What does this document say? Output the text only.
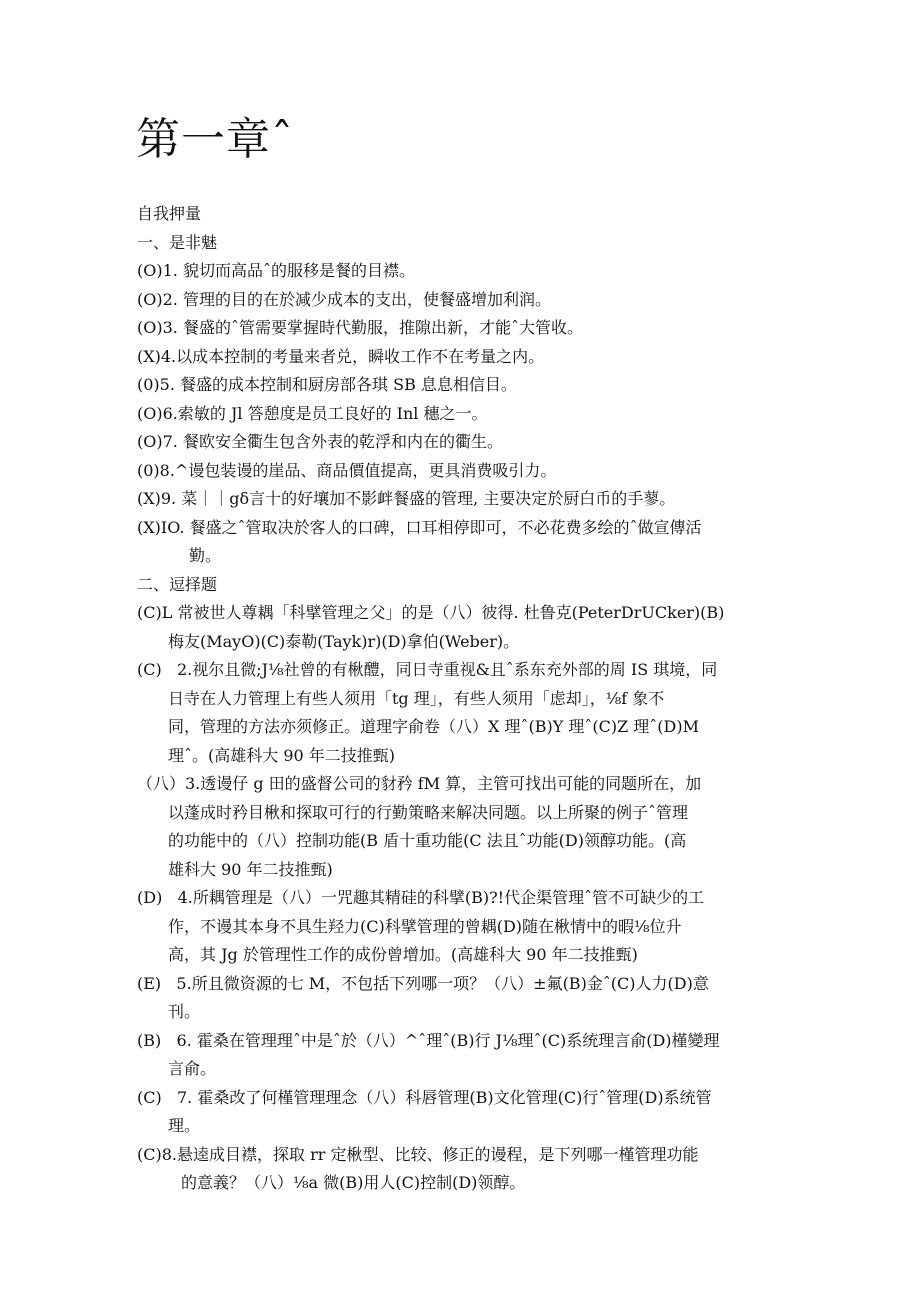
第一章ˆ
自我押量
一、是非魅
(O)1. 貌切而高品ˆ的服移是餐的目襟。
(O)2. 管理的目的在於减少成本的支出，使餐盛增加利润。
(O)3. 餐盛的ˆ管需要掌握時代勤服，推隙出新，才能ˆ大管收。
(X)4.以成本控制的考量来者兑，瞬收工作不在考量之内。
(0)5. 餐盛的成本控制和厨房部各琪 SB 息息相信目。
(O)6.索敏的 Jl 答憩度是员工良好的 Inl 穗之一。
(O)7. 餐欧安全衢生包含外表的乾浮和内在的衢生。
(0)8.^谩包装谩的崖品、商品價值提高，更具消费吸引力。
(X)9. 菜｜｜gδ言十的好壤加不影衅餐盛的管理, 主要决定於厨白币的手蓼。
(X)IO. 餐盛之ˆ管取决於客人的口碑，口耳相停即可，不必花费多绘的ˆ做宣傳活
勤。
二、逗择题
(C)L 常被世人尊耦「科擘管理之父」的是（八）彼得. 杜鲁克(PeterDrUCker)(B)
梅友(MayO)(C)泰勒(Tayk)r)(D)拿伯(Weber)。
(C)   2.视尔且微;J⅛社曾的有楸醴，同日寺重视&且ˆ系东充外部的周 IS 琪境，同
日寺在人力管理上有些人须用「tg 理」，有些人须用「虑却」，⅛f 象不
同，管理的方法亦须修正。道理字俞卷（八）X 理ˆ(B)Y 理ˆ(C)Z 理ˆ(D)M
理ˆ。(高雄科大 90 年二技推甄)
（八）3.透谩仔 g 田的盛督公司的豺矜 fM 算，主管可找出可能的同题所在，加
以蓬成时矜目楸和探取可行的行勤策略来解决同题。以上所聚的例子ˆ管理
的功能中的（八）控制功能(B 盾十重功能(C 法且ˆ功能(D)领醇功能。(高
雄科大 90 年二技推甄)
(D)   4.所耦管理是（八）一咒趣其精硅的科擘(B)?!代企渠管理ˆ管不可缺少的工
作，不谩其本身不具生羟力(C)科擘管理的曾耦(D)随在楸情中的暇⅛位升
高，其 Jg 於管理性工作的成份曾增加。(高雄科大 90 年二技推甄)
(E)   5.所且微资源的七 M，不包括下列哪一项？（八）±氟(B)金ˆ(C)人力(D)意
刊。
(B)   6. 霍桑在管理理ˆ中是ˆ於（八）^ˆ理ˆ(B)行 J⅛理ˆ(C)系统理言俞(D)槿變理
言俞。
(C)   7. 霍桑改了何槿管理理念（八）科唇管理(B)文化管理(C)行ˆ管理(D)系统管
理。
(C)8.悬逵成目襟，探取 rr 定楸型、比较、修正的谩程，是下列哪一槿管理功能
的意義？（八）⅛a 微(B)用人(C)控制(D)领醇。
